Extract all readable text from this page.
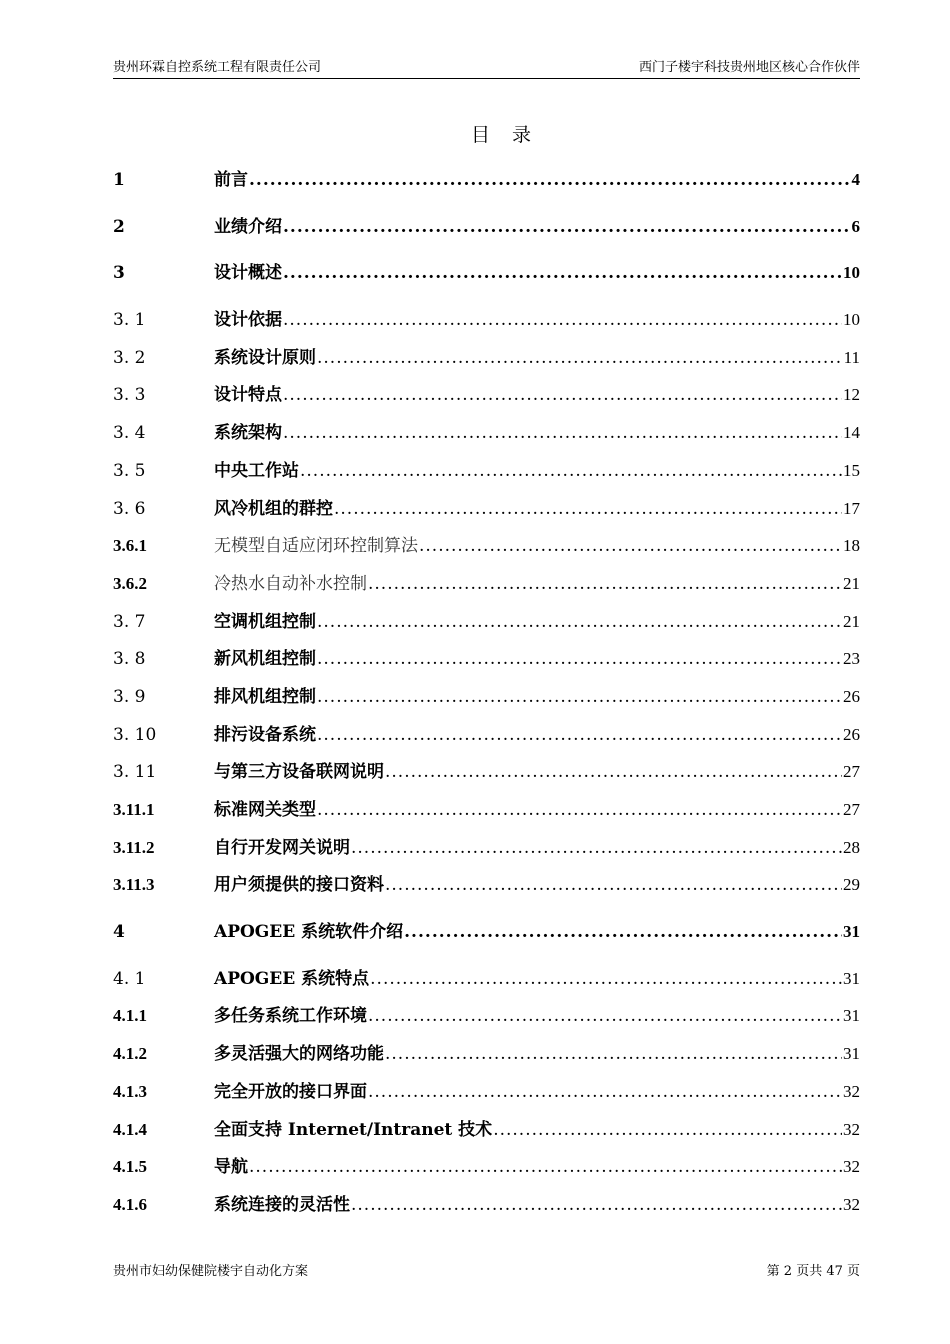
贵州环霖自控系统工程有限责任公司	西门子楼宇科技贵州地区核心合作伙伴
目 录
1	前言 .....	4
2	业绩介绍 .....	6
3	设计概述 .....	10
3. 1	设计依据 .....	10
3. 2	系统设计原则 .....	11
3. 3	设计特点 .....	12
3. 4	系统架构 .....	14
3. 5	中央工作站 .....	15
3. 6	风冷机组的群控 .....	17
3.6.1	无模型自适应闭环控制算法 .....	18
3.6.2	冷热水自动补水控制 .....	21
3. 7	空调机组控制 .....	21
3. 8	新风机组控制 .....	23
3. 9	排风机组控制 .....	26
3. 10	排污设备系统 .....	26
3. 11	与第三方设备联网说明 .....	27
3.11.1	标准网关类型 .....	27
3.11.2	自行开发网关说明 .....	28
3.11.3	用户须提供的接口资料 .....	29
4	APOGEE 系统软件介绍 .....	31
4. 1	APOGEE 系统特点 .....	31
4.1.1	多任务系统工作环境 .....	31
4.1.2	多灵活强大的网络功能 .....	31
4.1.3	完全开放的接口界面 .....	32
4.1.4	全面支持 Internet/Intranet 技术 .....	32
4.1.5	导航 .....	32
4.1.6	系统连接的灵活性 .....	32
贵州市妇幼保健院楼宇自动化方案	第 2 页共 47 页
